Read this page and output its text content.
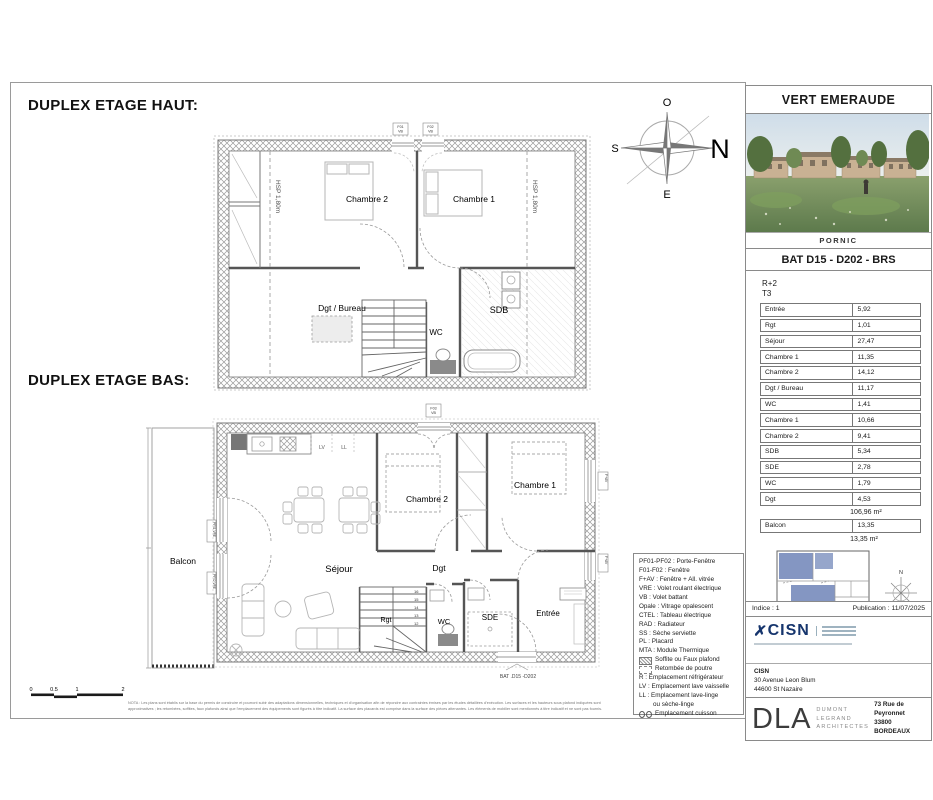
DUPLEX ETAGE HAUT:
DUPLEX ETAGE BAS:
F01
VB
F02
VB
Chambre 2	Chambre 1
Dgt / Bureau
WC
SDB
HSP 1,80m	HSP 1,80m
O
S
E
N
Balcon
PF01 VRE
PF02 VRE
F03
VB
F+AV
F+AV
LV	LL
16
15
14
13
12
Séjour	Dgt
Chambre 2
Chambre 1
Rgt	WC	SDE	Entrée
BAT .D15 -D202
0	0.5	1	2
NOTA : Les plans sont établis sur la base du permis de construire et pourront subir des adaptations dimensionnelles, techniques et d'organisation afin de répondre aux contraintes émises par les études détaillées d'exécution. Les surfaces et les hauteurs sous plafond indiquées sont
approximatives ; les retombées, soffites, faux plafonds ainsi que l'emplacement des équipements sont figurés à titre indicatif. La surface des placards est comprise dans la surface des pièces attenantes. Les éléments de mobilier sont mentionnés à titre indicatif et ne sont pas fournis.
PF01-PF02 : Porte-Fenêtre
F01-F02 : Fenêtre
F+AV : Fenêtre + All. vitrée
VRE : Volet roulant électrique
VB : Volet battant
Opale : Vitrage opalescent
CTEL : Tableau électrique
RAD : Radiateur
SS : Sèche serviette
PL : Placard
MTA : Module Thermique
Soffite ou Faux plafond
Retombée de poutre
R : Emplacement réfrigérateur
LV : Emplacement lave vaisselle
LL : Emplacement lave-linge
ou sèche-linge
Emplacement cuisson
VERT EMERAUDE
PORNIC
BAT D15 - D202 - BRS
R+2
T3
Entrée	5,92
Rgt	1,01
Séjour	27,47
Chambre 1	11,35
Chambre 2	14,12
Dgt / Bureau	11,17
WC	1,41
Chambre 1	10,66
Chambre 2	9,41
SDB	5,34
SDE	2,78
WC	1,79
Dgt	4,53
106,96 m²
Balcon	13,35
13,35 m²
N
Indice : 1	Publication : 11/07/2025
✗ CISN
CISN
30 Avenue Leon Blum
44600 St Nazaire
DLA DUMONT
LEGRAND
ARCHITECTES
73 Rue de Peyronnet
33800 BORDEAUX
